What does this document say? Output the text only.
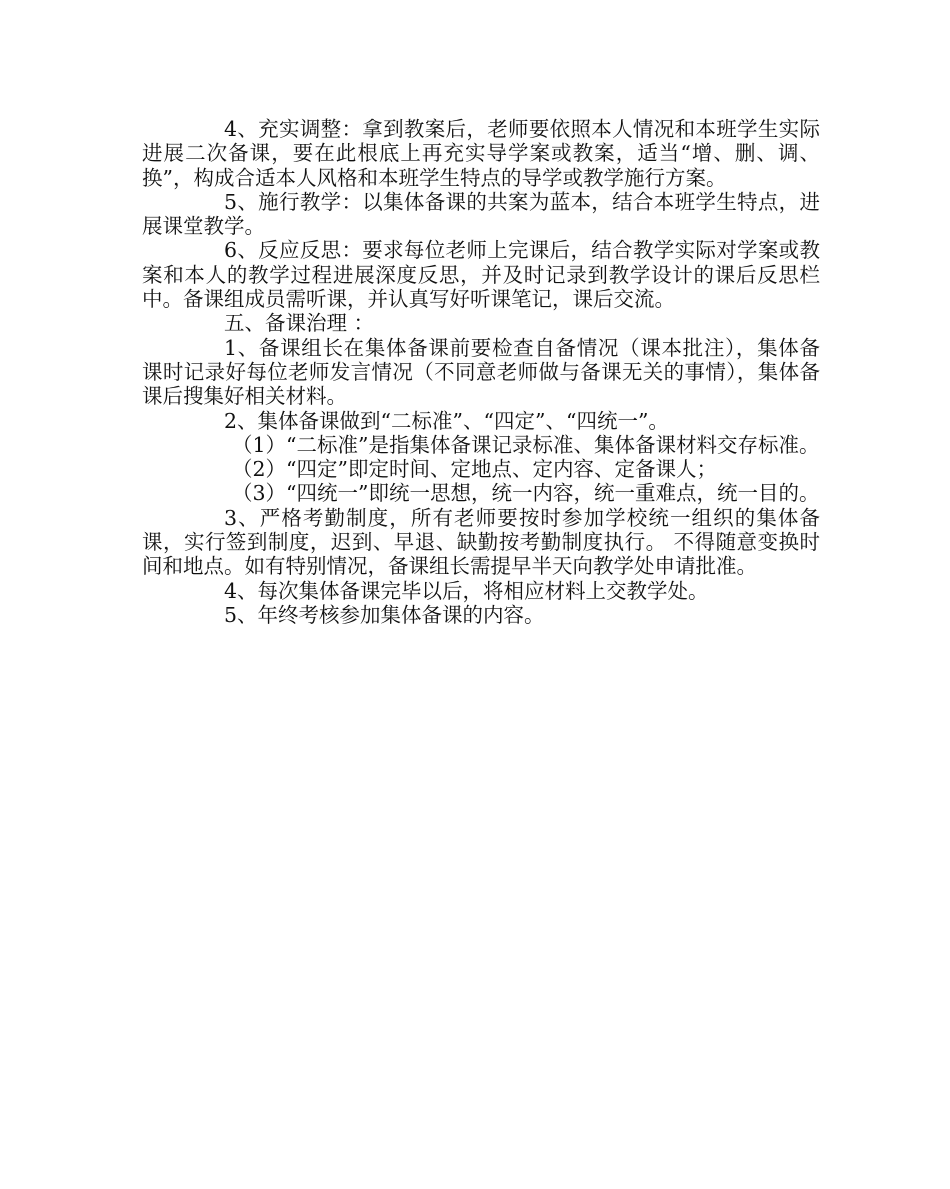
4、充实调整：拿到教案后，老师要依照本人情况和本班学生实际进展二次备课，要在此根底上再充实导学案或教案，适当“增、删、调、换”，构成合适本人风格和本班学生特点的导学或教学施行方案。

5、施行教学：以集体备课的共案为蓝本，结合本班学生特点，进展课堂教学。

6、反应反思：要求每位老师上完课后，结合教学实际对学案或教案和本人的教学过程进展深度反思，并及时记录到教学设计的课后反思栏中。备课组成员需听课，并认真写好听课笔记，课后交流。

五、备课治理 ：

1、备课组长在集体备课前要检查自备情况（课本批注），集体备课时记录好每位老师发言情况（不同意老师做与备课无关的事情），集体备课后搜集好相关材料。

2、集体备课做到“二标准”、“四定”、“四统一”。

（1）“二标准”是指集体备课记录标准、集体备课材料交存标准。

（2）“四定”即定时间、定地点、定内容、定备课人；

（3）“四统一”即统一思想，统一内容，统一重难点，统一目的。

3、严格考勤制度，所有老师要按时参加学校统一组织的集体备课，实行签到制度，迟到、早退、缺勤按考勤制度执行。 不得随意变换时间和地点。如有特别情况，备课组长需提早半天向教学处申请批准。

4、每次集体备课完毕以后，将相应材料上交教学处。

5、年终考核参加集体备课的内容。
